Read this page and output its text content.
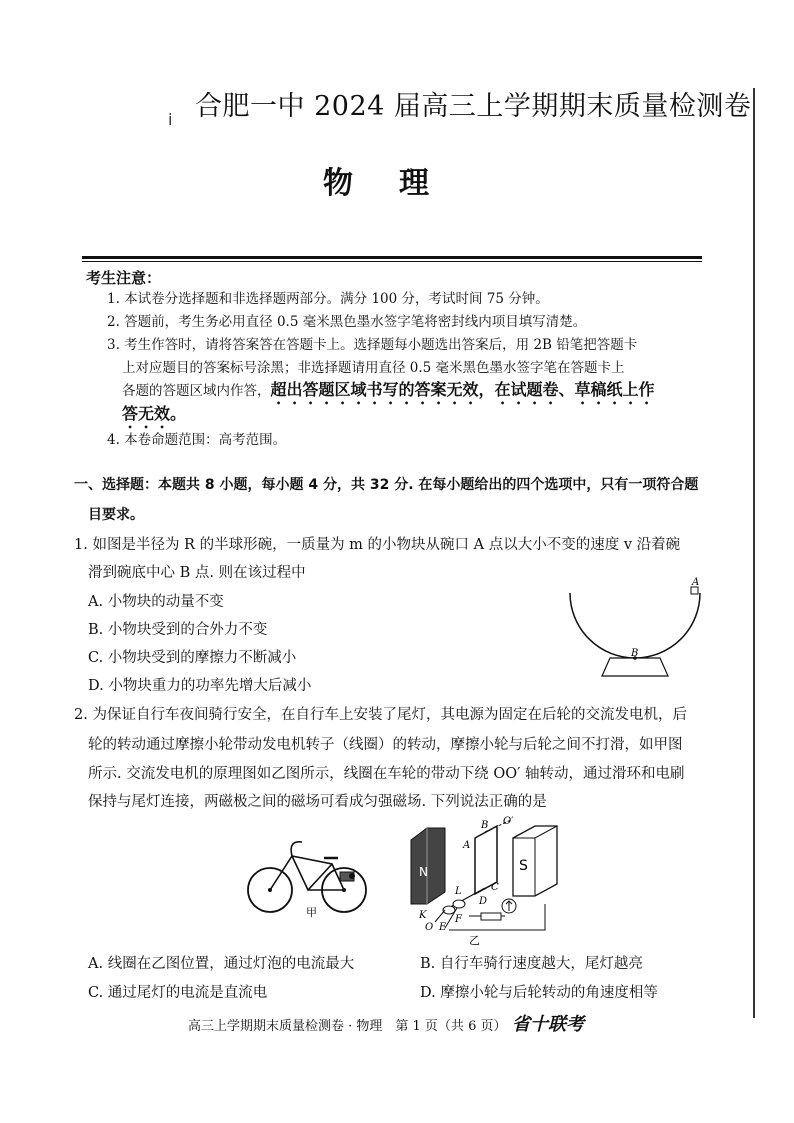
i 合肥一中 2024 届高三上学期期末质量检测卷
物理
考生注意：
1. 本试卷分选择题和非选择题两部分。满分 100 分，考试时间 75 分钟。
2. 答题前，考生务必用直径 0.5 毫米黑色墨水签字笔将密封线内项目填写清楚。
3. 考生作答时，请将答案答在答题卡上。选择题每小题选出答案后，用 2B 铅笔把答题卡
上对应题目的答案标号涂黑；非选择题请用直径 0.5 毫米黑色墨水签字笔在答题卡上
各题的答题区域内作答，超出答题区域书写的答案无效，在试题卷、草稿纸上作
答无效。
4. 本卷命题范围：高考范围。
一、选择题：本题共 8 小题，每小题 4 分，共 32 分. 在每小题给出的四个选项中，只有一项符合题
目要求。
1. 如图是半径为 R 的半球形碗，一质量为 m 的小物块从碗口 A 点以大小不变的速度 v 沿着碗
滑到碗底中心 B 点. 则在该过程中
A. 小物块的动量不变
B. 小物块受到的合外力不变
C. 小物块受到的摩擦力不断减小
D. 小物块重力的功率先增大后减小
A
B
2. 为保证自行车夜间骑行安全，在自行车上安装了尾灯，其电源为固定在后轮的交流发电机，后
轮的转动通过摩擦小轮带动发电机转子（线圈）的转动，摩擦小轮与后轮之间不打滑，如甲图
所示. 交流发电机的原理图如乙图所示，线圈在车轮的带动下绕 OO′ 轴转动，通过滑环和电刷
保持与尾灯连接，两磁极之间的磁场可看成匀强磁场. 下列说法正确的是
甲
B O′
A
S
N
L	C
D
K	F
O E
乙
A. 线圈在乙图位置，通过灯泡的电流最大	B. 自行车骑行速度越大，尾灯越亮
C. 通过尾灯的电流是直流电	D. 摩擦小轮与后轮转动的角速度相等
高三上学期期末质量检测卷 · 物理　第 1 页（共 6 页） 省十联考
